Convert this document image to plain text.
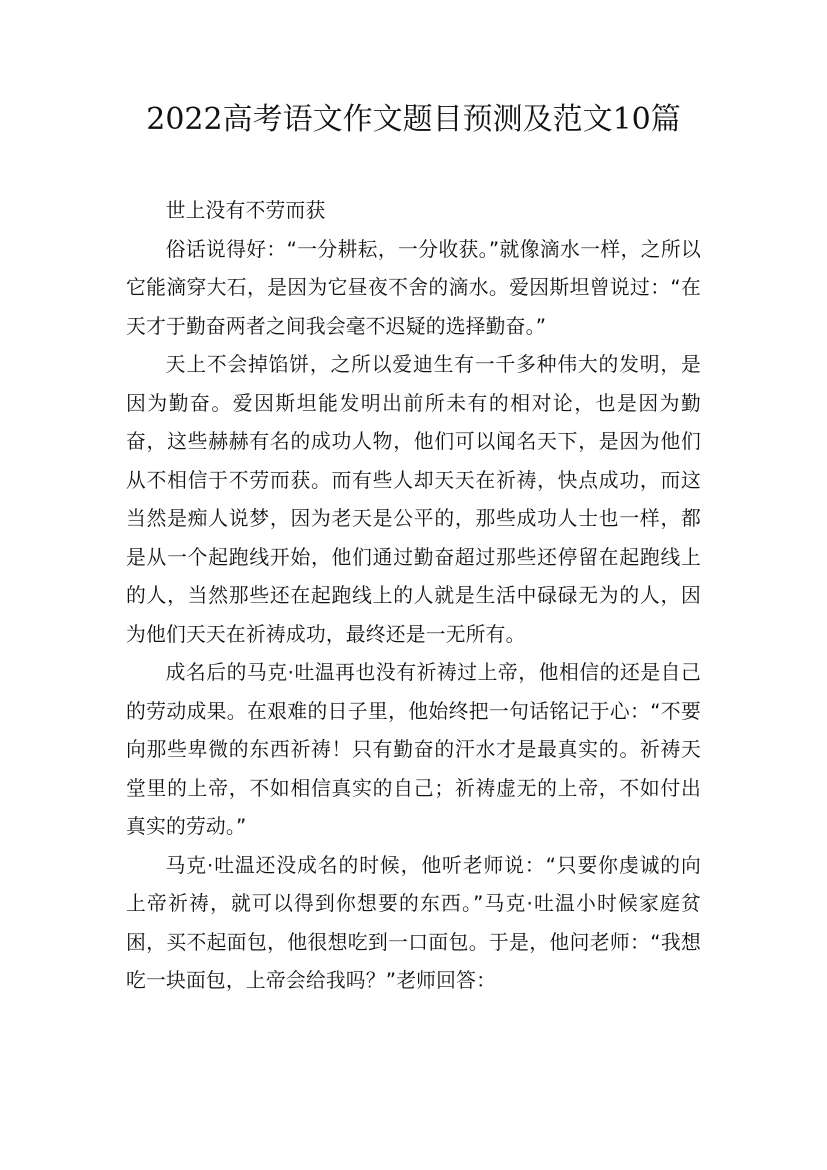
2022高考语文作文题目预测及范文10篇

世上没有不劳而获

俗话说得好：“一分耕耘，一分收获。”就像滴水一样，之所以它能滴穿大石，是因为它昼夜不舍的滴水。爱因斯坦曾说过：“在天才于勤奋两者之间我会毫不迟疑的选择勤奋。”

天上不会掉馅饼，之所以爱迪生有一千多种伟大的发明，是因为勤奋。爱因斯坦能发明出前所未有的相对论，也是因为勤奋，这些赫赫有名的成功人物，他们可以闻名天下，是因为他们从不相信于不劳而获。而有些人却天天在祈祷，快点成功，而这当然是痴人说梦，因为老天是公平的，那些成功人士也一样，都是从一个起跑线开始，他们通过勤奋超过那些还停留在起跑线上的人，当然那些还在起跑线上的人就是生活中碌碌无为的人，因为他们天天在祈祷成功，最终还是一无所有。

成名后的马克·吐温再也没有祈祷过上帝，他相信的还是自己的劳动成果。在艰难的日子里，他始终把一句话铭记于心：“不要向那些卑微的东西祈祷！只有勤奋的汗水才是最真实的。祈祷天堂里的上帝，不如相信真实的自己；祈祷虚无的上帝，不如付出真实的劳动。”

马克·吐温还没成名的时候，他听老师说：“只要你虔诚的向上帝祈祷，就可以得到你想要的东西。”马克·吐温小时候家庭贫困，买不起面包，他很想吃到一口面包。于是，他问老师：“我想吃一块面包，上帝会给我吗？”老师回答：
